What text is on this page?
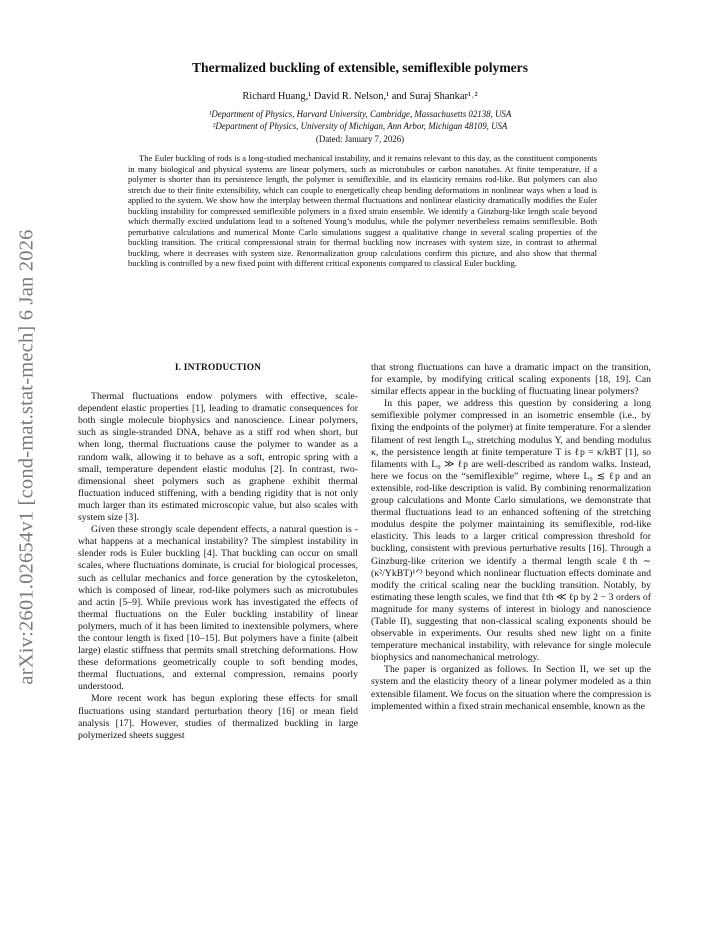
arXiv:2601.02654v1 [cond-mat.stat-mech] 6 Jan 2026
Thermalized buckling of extensible, semiflexible polymers
Richard Huang,¹ David R. Nelson,¹ and Suraj Shankar¹˒²
¹Department of Physics, Harvard University, Cambridge, Massachusetts 02138, USA
²Department of Physics, University of Michigan, Ann Arbor, Michigan 48109, USA
(Dated: January 7, 2026)
The Euler buckling of rods is a long-studied mechanical instability, and it remains relevant to this day, as the constituent components in many biological and physical systems are linear polymers, such as microtubules or carbon nanotubes. At finite temperature, if a polymer is shorter than its persistence length, the polymer is semiflexible, and its elasticity remains rod-like. But polymers can also stretch due to their finite extensibility, which can couple to energetically cheap bending deformations in nonlinear ways when a load is applied to the system. We show how the interplay between thermal fluctuations and nonlinear elasticity dramatically modifies the Euler buckling instability for compressed semiflexible polymers in a fixed strain ensemble. We identify a Ginzburg-like length scale beyond which thermally excited undulations lead to a softened Young’s modulus, while the polymer nevertheless remains semiflexible. Both perturbative calculations and numerical Monte Carlo simulations suggest a qualitative change in several scaling properties of the buckling transition. The critical compressional strain for thermal buckling now increases with system size, in contrast to athermal buckling, where it decreases with system size. Renormalization group calculations confirm this picture, and also show that thermal buckling is controlled by a new fixed point with different critical exponents compared to classical Euler buckling.

I. INTRODUCTION

Thermal fluctuations endow polymers with effective, scale-dependent elastic properties [1], leading to dramatic consequences for both single molecule biophysics and nanoscience. Linear polymers, such as single-stranded DNA, behave as a stiff rod when short, but when long, thermal fluctuations cause the polymer to wander as a random walk, allowing it to behave as a soft, entropic spring with a small, temperature dependent elastic modulus [2]. In contrast, two-dimensional sheet polymers such as graphene exhibit thermal fluctuation induced stiffening, with a bending rigidity that is not only much larger than its estimated microscopic value, but also scales with system size [3].

Given these strongly scale dependent effects, a natural question is - what happens at a mechanical instability? The simplest instability in slender rods is Euler buckling [4]. That buckling can occur on small scales, where fluctuations dominate, is crucial for biological processes, such as cellular mechanics and force generation by the cytoskeleton, which is composed of linear, rod-like polymers such as microtubules and actin [5–9]. While previous work has investigated the effects of thermal fluctuations on the Euler buckling instability of linear polymers, much of it has been limited to inextensible polymers, where the contour length is fixed [10–15]. But polymers have a finite (albeit large) elastic stiffness that permits small stretching deformations. How these deformations geometrically couple to soft bending modes, thermal fluctuations, and external compression, remains poorly understood.

More recent work has begun exploring these effects for small fluctuations using standard perturbation theory [16] or mean field analysis [17]. However, studies of thermalized buckling in large polymerized sheets suggest

that strong fluctuations can have a dramatic impact on the transition, for example, by modifying critical scaling exponents [18, 19]. Can similar effects appear in the buckling of fluctuating linear polymers?

In this paper, we address this question by considering a long semiflexible polymer compressed in an isometric ensemble (i.e., by fixing the endpoints of the polymer) at finite temperature. For a slender filament of rest length L₀, stretching modulus Y, and bending modulus κ, the persistence length at finite temperature T is ℓp = κ/kBT [1], so filaments with L₀ ≫ ℓp are well-described as random walks. Instead, here we focus on the “semiflexible” regime, where L₀ ≲ ℓp and an extensible, rod-like description is valid. By combining renormalization group calculations and Monte Carlo simulations, we demonstrate that thermal fluctuations lead to an enhanced softening of the stretching modulus despite the polymer maintaining its semiflexible, rod-like elasticity. This leads to a larger critical compression threshold for buckling, consistent with previous perturbative results [16]. Through a Ginzburg-like criterion we identify a thermal length scale ℓth ∼ (κ²/YkBT)¹ᐟ³ beyond which nonlinear fluctuation effects dominate and modify the critical scaling near the buckling transition. Notably, by estimating these length scales, we find that ℓth ≪ ℓp by 2 − 3 orders of magnitude for many systems of interest in biology and nanoscience (Table II), suggesting that non-classical scaling exponents should be observable in experiments. Our results shed new light on a finite temperature mechanical instability, with relevance for single molecule biophysics and nanomechanical metrology.

The paper is organized as follows. In Section II, we set up the system and the elasticity theory of a linear polymer modeled as a thin extensible filament. We focus on the situation where the compression is implemented within a fixed strain mechanical ensemble, known as the
